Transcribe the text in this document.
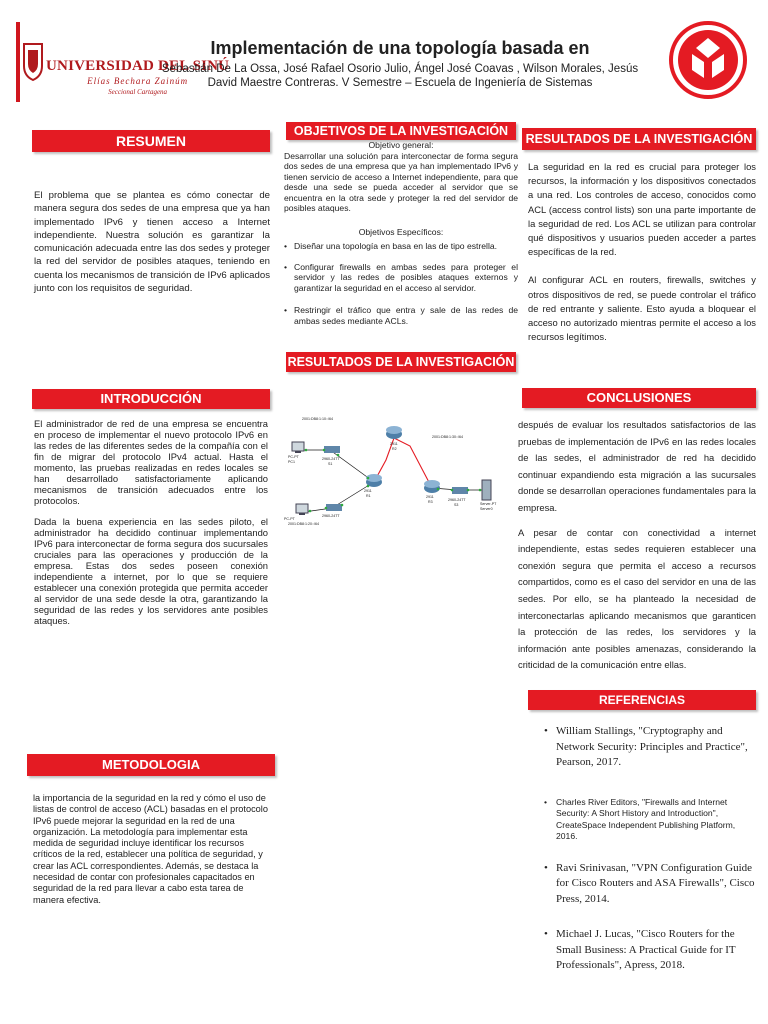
UNIVERSIDAD DEL SINÚ
Elías Bechara Zainúm
Seccional Cartagena
Implementación de una topología basada en
Sebastián De La Ossa, José Rafael Osorio Julio, Ángel José Coavas , Wilson Morales, Jesús
David Maestre Contreras. V Semestre – Escuela de Ingeniería de Sistemas
RESUMEN
El problema que se plantea es cómo conectar de manera segura dos sedes de una empresa que ya han implementado IPv6 y tienen acceso a Internet independiente. Nuestra solución es garantizar la comunicación adecuada entre las dos sedes y proteger la red del servidor de posibles ataques, teniendo en cuenta los mecanismos de transición de IPv6 aplicados junto con los requisitos de seguridad.
INTRODUCCIÓN

El administrador de red de una empresa se encuentra en proceso de implementar el nuevo protocolo IPv6 en las redes de las diferentes sedes de la compañía con el fin de migrar del protocolo IPv4 actual. Hasta el momento, las pruebas realizadas en redes locales se han desarrollado satisfactoriamente aplicando mecanismos de transición adecuados entre los protocolos.

Dada la buena experiencia en las sedes piloto, el administrador ha decidido continuar implementando IPv6 para interconectar de forma segura dos sucursales cruciales para las operaciones y producción de la empresa. Estas dos sedes poseen conexión independiente a internet, por lo que se requiere establecer una conexión protegida que permita acceder al servidor de una sede desde la otra, garantizando la seguridad de las redes y los servidores ante posibles ataques.

METODOLOGIA
la importancia de la seguridad en la red y cómo el uso de listas de control de acceso (ACL) basadas en el protocolo IPv6 puede mejorar la seguridad en la red de una organización. La metodología para implementar esta medida de seguridad incluye identificar los recursos críticos de la red, establecer una política de seguridad, y crear las ACL correspondientes. Además, se destaca la necesidad de contar con profesionales capacitados en seguridad de la red para llevar a cabo esta tarea de manera efectiva.
OBJETIVOS DE LA INVESTIGACIÓN
Objetivo general:
Desarrollar una solución para interconectar de forma segura dos sedes de una empresa que ya han implementado IPv6 y tienen servicio de acceso a Internet independiente, para que desde una sede se pueda acceder al servidor que se encuentra en la otra sede y proteger la red del servidor de posibles ataques.
Objetivos Específicos:
• Diseñar una topología en basa en las de tipo estrella.
• Configurar firewalls en ambas sedes para proteger el servidor y las redes de posibles ataques externos y garantizar la seguridad en el acceso al servidor.
• Restringir el tráfico que entra y sale de las redes de ambas sedes mediante ACLs.
RESULTADOS DE LA INVESTIGACIÓN
2001:DB8:1:10::/64
2001:DB8:1:30::/64
2001:DB8:1:20::/64
PC-PT
PC1
PC-PT
2960-24TT
S1
2960-24TT
2911
R1
2911
R2
2911
R3	2960-24TT
S3	Server-PT
Server0
RESULTADOS DE LA INVESTIGACIÓN

La seguridad en la red es crucial para proteger los recursos, la información y los dispositivos conectados a una red. Los controles de acceso, conocidos como ACL (access control lists) son una parte importante de la seguridad de red. Los ACL se utilizan para controlar qué dispositivos y usuarios pueden acceder a partes específicas de la red.

Al configurar ACL en routers, firewalls, switches y otros dispositivos de red, se puede controlar el tráfico de red entrante y saliente. Esto ayuda a bloquear el acceso no autorizado mientras permite el acceso a los recursos legítimos.

CONCLUSIONES

después de evaluar los resultados satisfactorios de las pruebas de implementación de IPv6 en las redes locales de las sedes, el administrador de red ha decidido continuar expandiendo esta migración a las sucursales donde se desarrollan operaciones fundamentales para la empresa.

A pesar de contar con conectividad a internet independiente, estas sedes requieren establecer una conexión segura que permita el acceso a recursos compartidos, como es el caso del servidor en una de las sedes. Por ello, se ha planteado la necesidad de interconectarlas aplicando mecanismos que garanticen la protección de las redes, los servidores y la información ante posibles amenazas, considerando la criticidad de la comunicación entre ellas.

REFERENCIAS
• William Stallings, "Cryptography and Network Security: Principles and Practice", Pearson, 2017.
• Charles River Editors, "Firewalls and Internet Security: A Short History and Introduction", CreateSpace Independent Publishing Platform, 2016.
• Ravi Srinivasan, "VPN Configuration Guide for Cisco Routers and ASA Firewalls", Cisco Press, 2014.
• Michael J. Lucas, "Cisco Routers for the Small Business: A Practical Guide for IT Professionals", Apress, 2018.
